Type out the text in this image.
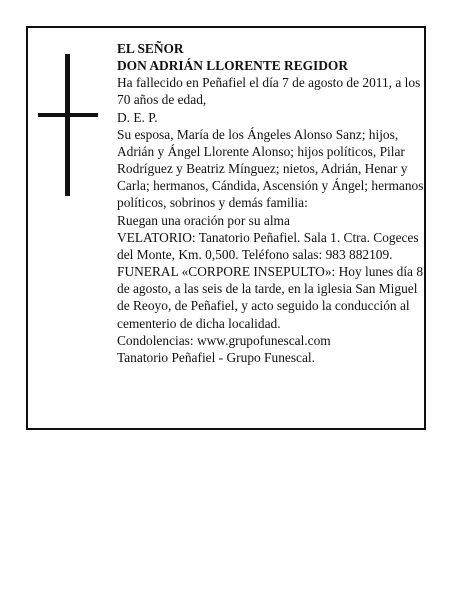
EL SEÑOR

DON ADRIÁN LLORENTE REGIDOR

Ha fallecido en Peñafiel el día 7 de agosto de 2011, a los 70 años de edad,

D. E. P.

Su esposa, María de los Ángeles Alonso Sanz; hijos, Adrián y Ángel Llorente Alonso; hijos políticos, Pilar Rodríguez y Beatriz Mínguez; nietos, Adrián, Henar y Carla; hermanos, Cándida, Ascensión y Ángel; hermanos políticos, sobrinos y demás familia:

Ruegan una oración por su alma

VELATORIO: Tanatorio Peñafiel. Sala 1. Ctra. Cogeces del Monte, Km. 0,500. Teléfono salas: 983 882109.

FUNERAL «CORPORE INSEPULTO»: Hoy lunes día 8 de agosto, a las seis de la tarde, en la iglesia San Miguel de Reoyo, de Peñafiel, y acto seguido la conducción al cementerio de dicha localidad.

Condolencias: www.grupofunescal.com

Tanatorio Peñafiel - Grupo Funescal.
